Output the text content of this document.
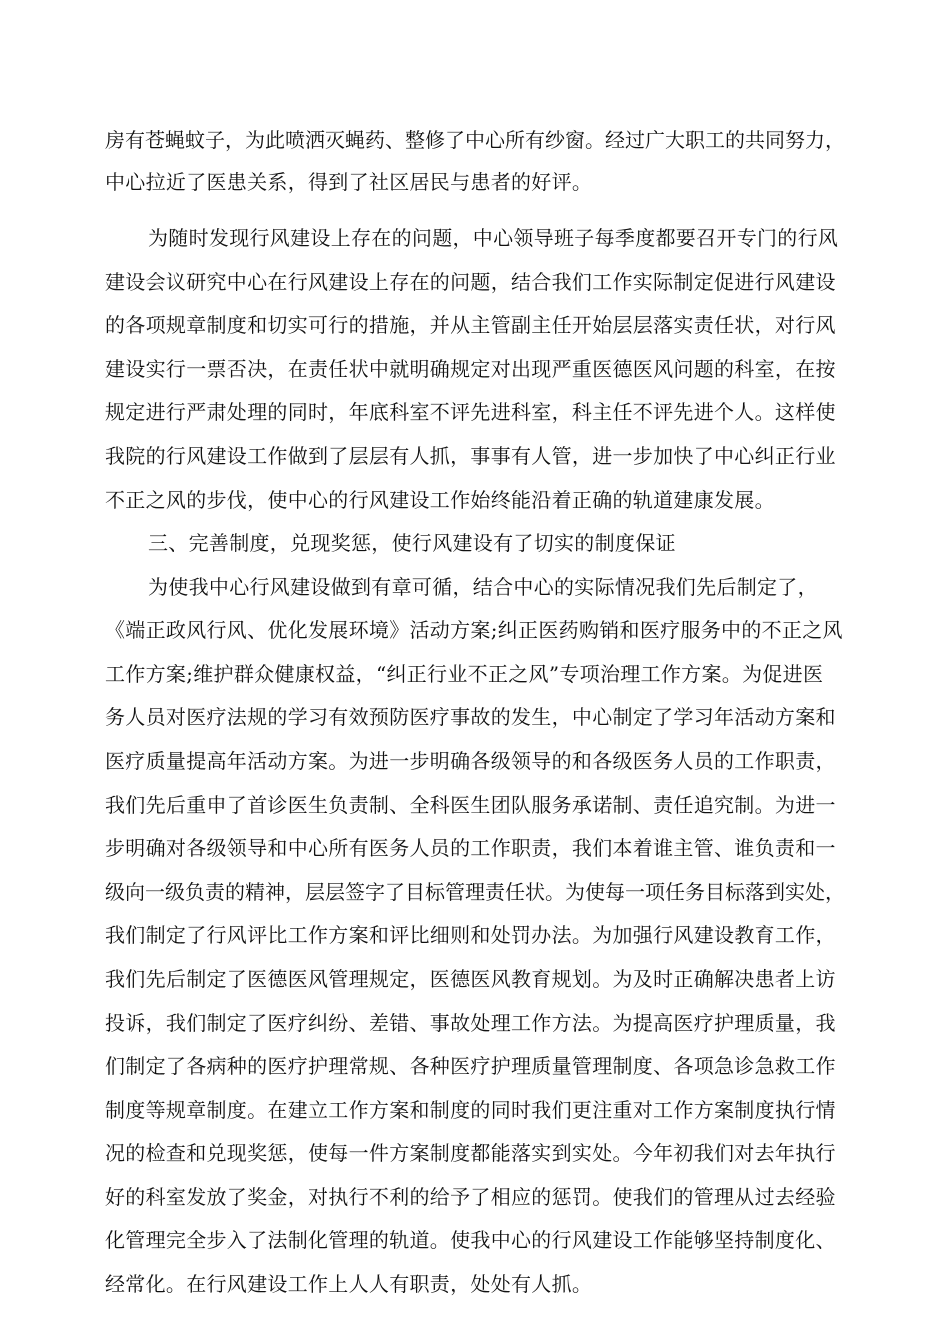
房有苍蝇蚊子，为此喷洒灭蝇药、整修了中心所有纱窗。经过广大职工的共同努力，
中心拉近了医患关系，得到了社区居民与患者的好评。
为随时发现行风建设上存在的问题，中心领导班子每季度都要召开专门的行风
建设会议研究中心在行风建设上存在的问题，结合我们工作实际制定促进行风建设
的各项规章制度和切实可行的措施，并从主管副主任开始层层落实责任状，对行风
建设实行一票否决，在责任状中就明确规定对出现严重医德医风问题的科室，在按
规定进行严肃处理的同时，年底科室不评先进科室，科主任不评先进个人。这样使
我院的行风建设工作做到了层层有人抓，事事有人管，进一步加快了中心纠正行业
不正之风的步伐，使中心的行风建设工作始终能沿着正确的轨道建康发展。
三、完善制度，兑现奖惩，使行风建设有了切实的制度保证
为使我中心行风建设做到有章可循，结合中心的实际情况我们先后制定了，
《端正政风行风、优化发展环境》活动方案;纠正医药购销和医疗服务中的不正之风
工作方案;维护群众健康权益，“纠正行业不正之风”专项治理工作方案。为促进医
务人员对医疗法规的学习有效预防医疗事故的发生，中心制定了学习年活动方案和
医疗质量提高年活动方案。为进一步明确各级领导的和各级医务人员的工作职责，
我们先后重申了首诊医生负责制、全科医生团队服务承诺制、责任追究制。为进一
步明确对各级领导和中心所有医务人员的工作职责，我们本着谁主管、谁负责和一
级向一级负责的精神，层层签字了目标管理责任状。为使每一项任务目标落到实处，
我们制定了行风评比工作方案和评比细则和处罚办法。为加强行风建设教育工作，
我们先后制定了医德医风管理规定，医德医风教育规划。为及时正确解决患者上访
投诉，我们制定了医疗纠纷、差错、事故处理工作方法。为提高医疗护理质量，我
们制定了各病种的医疗护理常规、各种医疗护理质量管理制度、各项急诊急救工作
制度等规章制度。在建立工作方案和制度的同时我们更注重对工作方案制度执行情
况的检查和兑现奖惩，使每一件方案制度都能落实到实处。今年初我们对去年执行
好的科室发放了奖金，对执行不利的给予了相应的惩罚。使我们的管理从过去经验
化管理完全步入了法制化管理的轨道。使我中心的行风建设工作能够坚持制度化、
经常化。在行风建设工作上人人有职责，处处有人抓。
